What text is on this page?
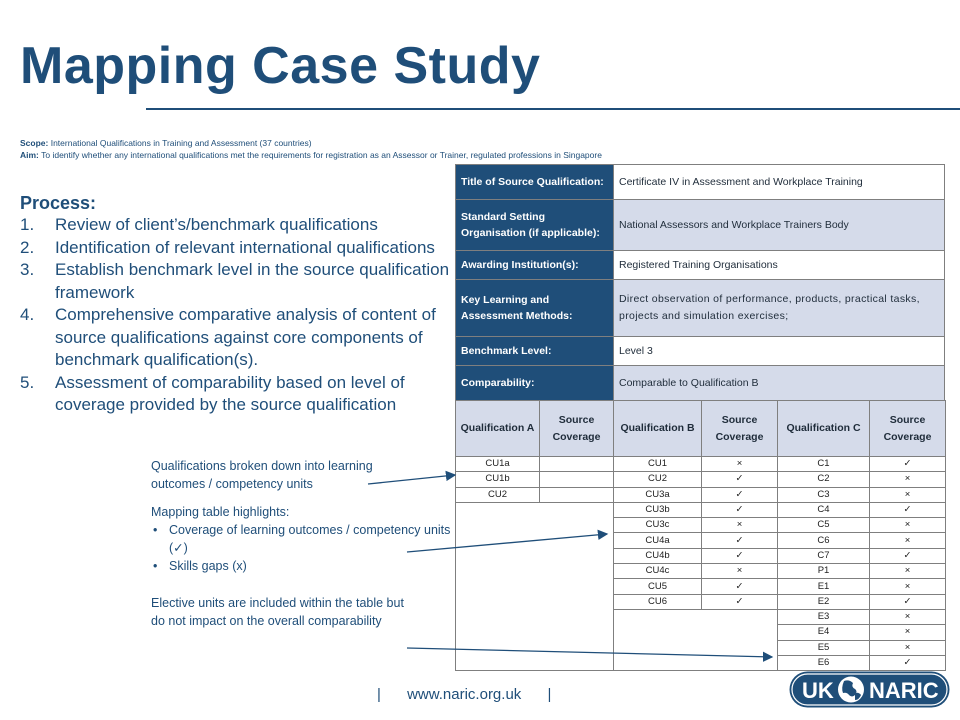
Mapping Case Study
Scope: International Qualifications in Training and Assessment (37 countries)
Aim: To identify whether any international qualifications met the requirements for registration as an Assessor or Trainer, regulated professions in Singapore
Process:
1. Review of client’s/benchmark qualifications
2. Identification of relevant international qualifications
3. Establish benchmark level in the source qualification framework
4. Comprehensive comparative analysis of content of source qualifications against core components of benchmark qualification(s).
5. Assessment of comparability based on level of coverage provided by the source qualification
Qualifications broken down into learning outcomes / competency units
Mapping table highlights:
• Coverage of learning outcomes / competency units (✓)
• Skills gaps (x)
Elective units are included within the table but do not impact on the overall comparability
Title of Source Qualification:	Certificate IV in Assessment and Workplace Training
Standard Setting Organisation (if applicable):	National Assessors and Workplace Trainers Body
Awarding Institution(s):	Registered Training Organisations
Key Learning and Assessment Methods:	Direct observation of performance, products, practical tasks, projects and simulation exercises;
Benchmark Level:	Level 3
Comparability:	Comparable to Qualification B
Qualification A	Source Coverage	Qualification B	Source Coverage	Qualification C	Source Coverage
CU1a		CU1	×	C1	✓
CU1b		CU2	✓	C2	×
CU2		CU3a	✓	C3	×
		CU3b	✓	C4	✓
		CU3c	×	C5	×
		CU4a	✓	C6	×
		CU4b	✓	C7	✓
		CU4c	×	P1	×
		CU5	✓	E1	×
		CU6	✓	E2	✓
				E3	×
				E4	×
				E5	×
				E6	✓
| www.naric.org.uk |	UK NARIC
